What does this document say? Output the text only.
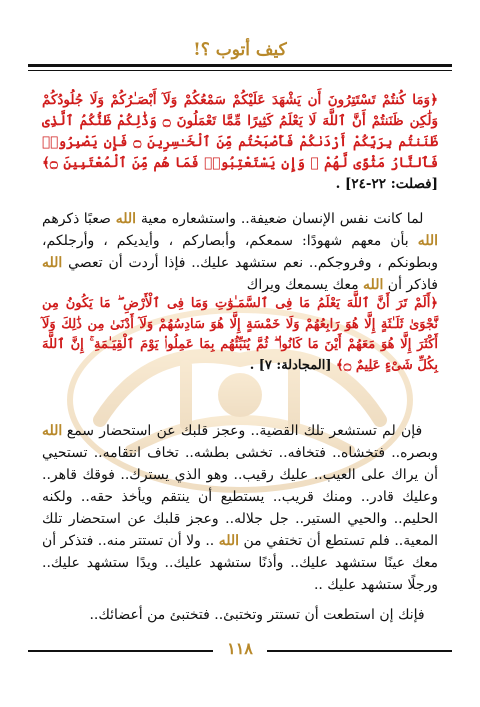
كيف أتوب ؟!
﴿وَمَا كُنتُمْ تَسْتَتِرُونَ أَن يَشْهَدَ عَلَيْكُمْ سَمْعُكُمْ وَلَآ أَبْصَـٰرُكُمْ وَلَا جُلُودُكُمْ وَلَٰكِن ظَنَنتُمْ أَنَّ ٱللَّهَ لَا يَعْلَمُ كَثِيرًا مِّمَّا تَعْمَلُونَ ۝ وَذَٰلِكُمْ ظَنُّكُمُ ٱلَّذِى ظَنَنتُم بِرَبِّكُمْ أَرْدَىٰكُمْ فَأَصْبَحْتُم مِّنَ ٱلْخَـٰسِرِينَ ۝ فَإِن يَصْبِرُوا۟ فَٱلنَّارُ مَثْوًى لَّهُمْ ۖ وَإِن يَسْتَعْتِبُوا۟ فَمَا هُم مِّنَ ٱلْمُعْتَبِينَ ۝﴾ [فصلت: ٢٢-٢٤] .
لما كانت نفس الإنسان ضعيفة.. واستشعاره معية الله صعبًا ذكرهم الله بأن معهم شهودًا: سمعكم، وأبصاركم ، وأيديكم ، وأرجلكم، وبطونكم ، وفروجكم.. نعم ستشهد عليك.. فإذا أردت أن تعصي الله فاذكر أن الله معك يسمعك ويراك
﴿أَلَمْ تَرَ أَنَّ ٱللَّهَ يَعْلَمُ مَا فِى ٱلسَّمَـٰوَٰتِ وَمَا فِى ٱلْأَرْضِ ۖ مَا يَكُونُ مِن نَّجْوَىٰ ثَلَـٰثَةٍ إِلَّا هُوَ رَابِعُهُمْ وَلَا خَمْسَةٍ إِلَّا هُوَ سَادِسُهُمْ وَلَآ أَدْنَىٰ مِن ذَٰلِكَ وَلَآ أَكْثَرَ إِلَّا هُوَ مَعَهُمْ أَيْنَ مَا كَانُوا۟ ۖ ثُمَّ يُنَبِّئُهُم بِمَا عَمِلُوا۟ يَوْمَ ٱلْقِيَـٰمَةِ ۚ إِنَّ ٱللَّهَ بِكُلِّ شَىْءٍ عَلِيمٌ ۝﴾ [المجادلة: ٧] .
فإن لم تستشعر تلك القضية.. وعجز قلبك عن استحضار سمع الله وبصره.. فتخشاه.. فتخافه.. تخشى بطشه.. تخاف انتقامه.. تستحيي أن يراك على العيب.. عليك رقيب.. وهو الذي يسترك.. فوقك قاهر.. وعليك قادر.. ومنك قريب.. يستطيع أن ينتقم ويأخذ حقه.. ولكنه الحليم.. والحيي الستير.. جل جلاله.. وعجز قلبك عن استحضار تلك المعية.. فلم تستطع أن تختفي من الله .. ولا أن تستتر منه.. فتذكر أن معك عينًا ستشهد عليك.. وأذنًا ستشهد عليك.. ويدًا ستشهد عليك.. ورجلًا ستشهد عليك ..
فإنك إن استطعت أن تستتر وتختبئ.. فتختبئ من أعضائك..
١١٨
